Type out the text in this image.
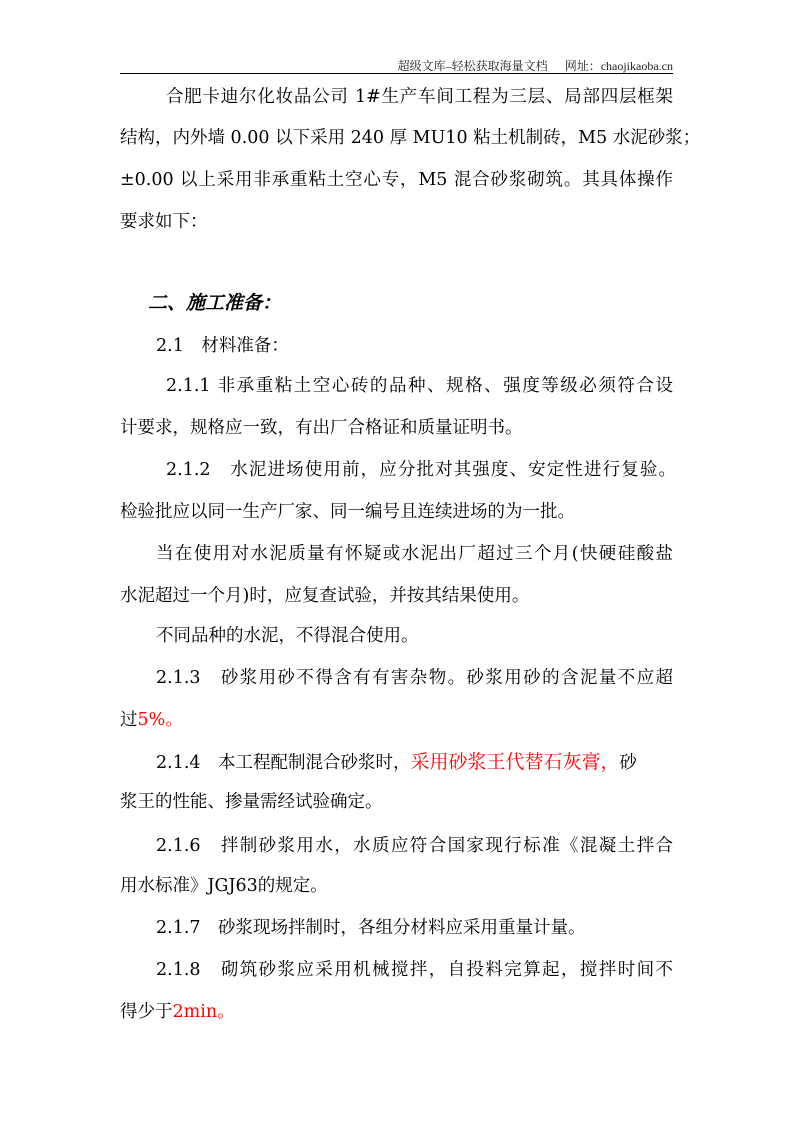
超级文库–轻松获取海量文档 网址：chaojikaoba.cn
合肥卡迪尔化妆品公司 1#生产车间工程为三层、局部四层框架
结构，内外墙 0.00 以下采用 240 厚 MU10 粘土机制砖，M5 水泥砂浆；
±0.00 以上采用非承重粘土空心专，M5 混合砂浆砌筑。其具体操作
要求如下：
二、施工准备：
2.1　材料准备：
2.1.1 非承重粘土空心砖的品种、规格、强度等级必须符合设
计要求，规格应一致，有出厂合格证和质量证明书。
2.1.2　水泥进场使用前，应分批对其强度、安定性进行复验。
检验批应以同一生产厂家、同一编号且连续进场的为一批。
当在使用对水泥质量有怀疑或水泥出厂超过三个月(快硬硅酸盐
水泥超过一个月)时，应复查试验，并按其结果使用。
不同品种的水泥，不得混合使用。
2.1.3　砂浆用砂不得含有有害杂物。砂浆用砂的含泥量不应超
过5%。
2.1.4　本工程配制混合砂浆时，采用砂浆王代替石灰膏，砂
浆王的性能、掺量需经试验确定。
2.1.6　拌制砂浆用水，水质应符合国家现行标准《混凝土拌合
用水标准》JGJ63的规定。
2.1.7　砂浆现场拌制时，各组分材料应采用重量计量。
2.1.8　砌筑砂浆应采用机械搅拌，自投料完算起，搅拌时间不
得少于2min。
